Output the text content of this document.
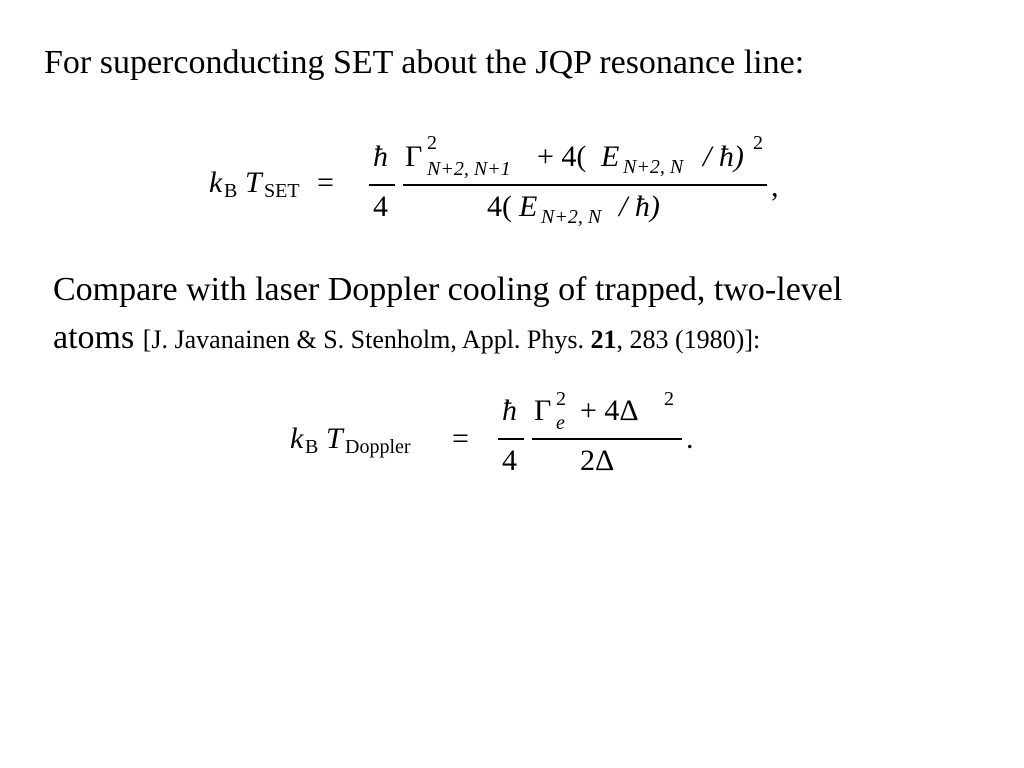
For superconducting SET about the JQP resonance line:
k B T SET =
ħ
4
Γ 2
N+2, N+1 + 4( E N+2, N / ħ) 2
4( E N+2, N / ħ)
,
Compare with laser Doppler cooling of trapped, two-level
atoms [J. Javanainen & S. Stenholm, Appl. Phys. 21, 283 (1980)]:
k B T Doppler =
ħ
4
Γ 2
e + 4Δ 2
2Δ
.
